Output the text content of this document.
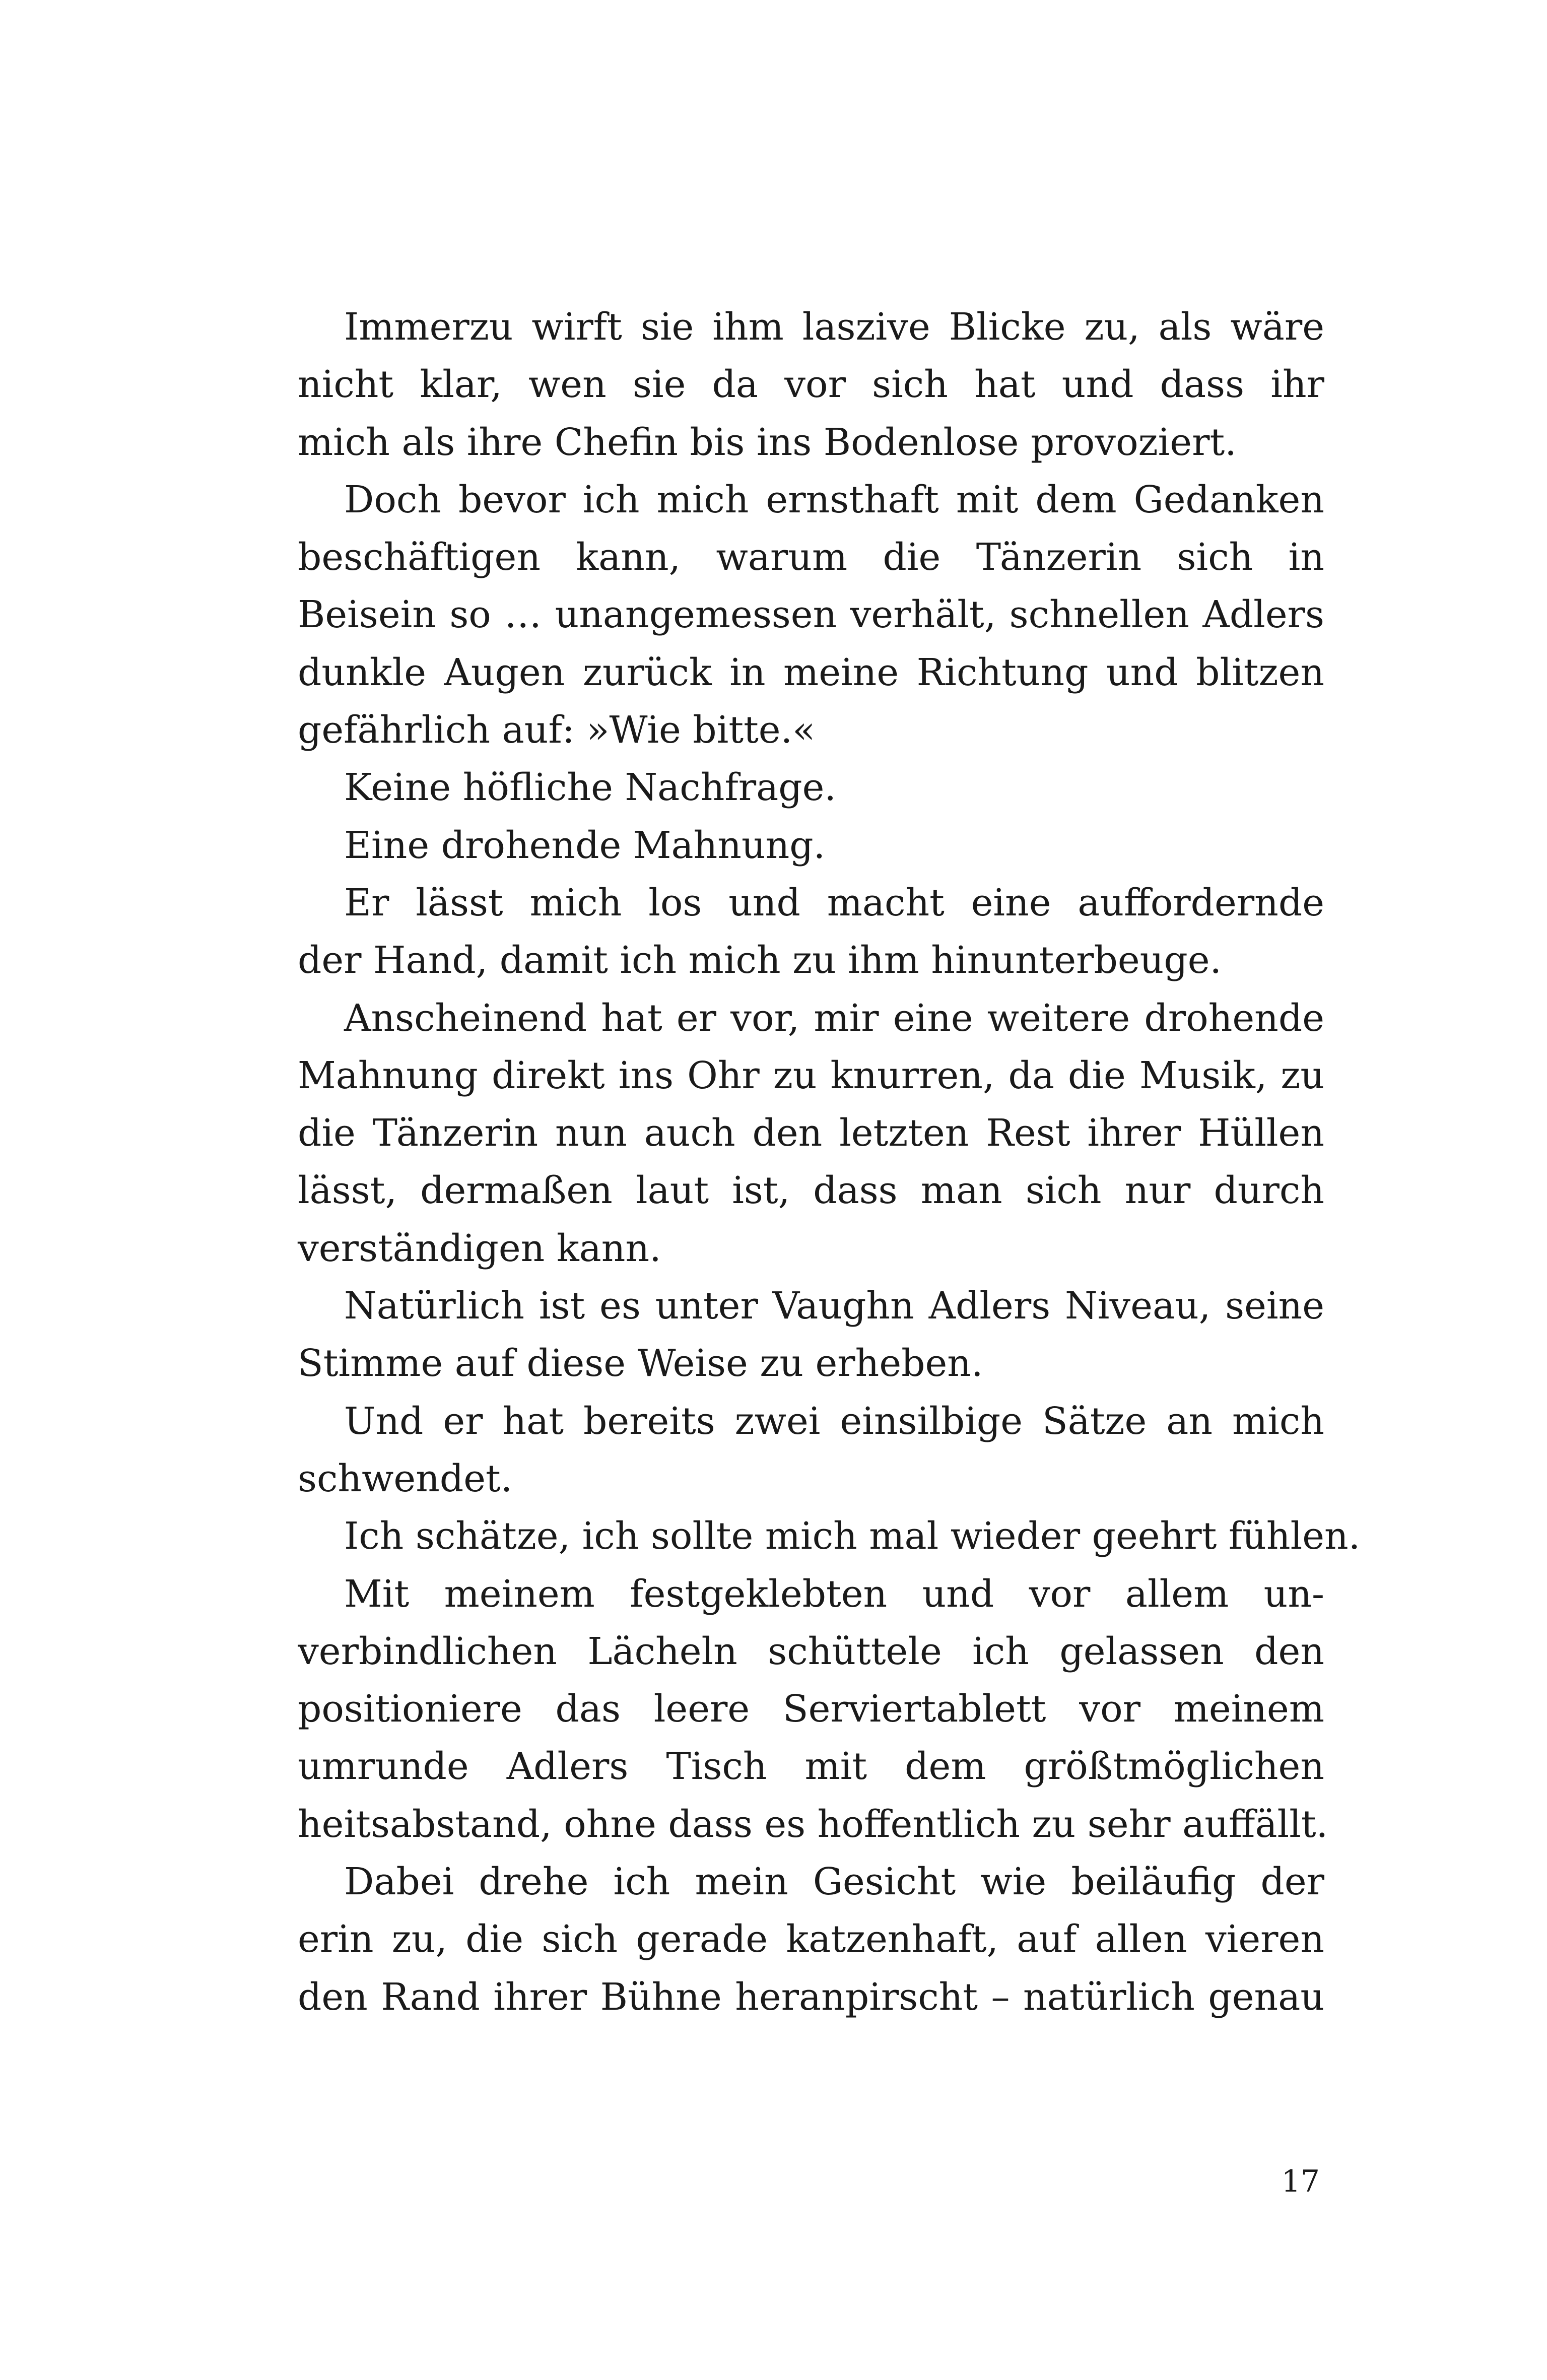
Immerzu wirft sie ihm laszive Blicke zu, als wäre
nicht klar, wen sie da vor sich hat und dass ihr
mich als ihre Chefin bis ins Bodenlose provoziert.
Doch bevor ich mich ernsthaft mit dem Gedanken
beschäftigen kann, warum die Tänzerin sich in
Beisein so … unangemessen verhält, schnellen Adlers
dunkle Augen zurück in meine Richtung und blitzen
gefährlich auf: »Wie bitte.«
Keine höfliche Nachfrage.
Eine drohende Mahnung.
Er lässt mich los und macht eine auffordernde
der Hand, damit ich mich zu ihm hinunterbeuge.
Anscheinend hat er vor, mir eine weitere drohende
Mahnung direkt ins Ohr zu knurren, da die Musik, zu
die Tänzerin nun auch den letzten Rest ihrer Hüllen
lässt, dermaßen laut ist, dass man sich nur durch
verständigen kann.
Natürlich ist es unter Vaughn Adlers Niveau, seine
Stimme auf diese Weise zu erheben.
Und er hat bereits zwei einsilbige Sätze an mich
schwendet.
Ich schätze, ich sollte mich mal wieder geehrt fühlen.
Mit meinem festgeklebten und vor allem un-
verbindlichen Lächeln schüttele ich gelassen den
positioniere das leere Serviertablett vor meinem
umrunde Adlers Tisch mit dem größtmöglichen
heitsabstand, ohne dass es hoffentlich zu sehr auffällt.
Dabei drehe ich mein Gesicht wie beiläufig der
erin zu, die sich gerade katzenhaft, auf allen vieren
den Rand ihrer Bühne heranpirscht – natürlich genau
17
